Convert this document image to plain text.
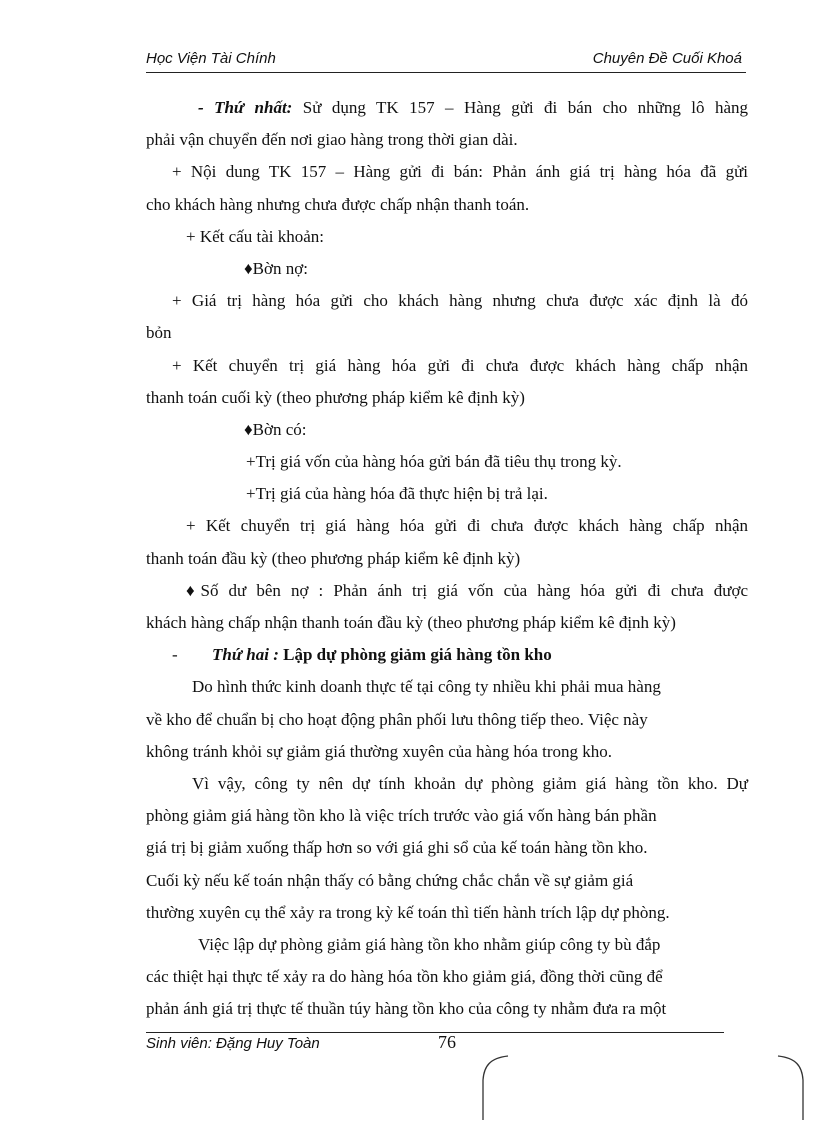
Học Viện Tài Chính	Chuyên Đề Cuối Khoá
- Thứ nhất: Sử dụng TK 157 – Hàng gửi đi bán cho những lô hàng
phải vận chuyển đến nơi giao hàng trong thời gian dài.
+ Nội dung TK 157 – Hàng gửi đi bán: Phản ánh giá trị hàng hóa đã gửi
cho khách hàng nhưng chưa được chấp nhận thanh toán.
+ Kết cấu tài khoản:
♦Bờn nợ:
+ Giá trị hàng hóa gửi cho khách hàng nhưng chưa được xác định là đó
bỏn
+ Kết chuyển trị giá hàng hóa gửi đi chưa được khách hàng chấp nhận
thanh toán cuối kỳ (theo phương pháp kiểm kê định kỳ)
♦Bờn có:
+Trị giá vốn của hàng hóa gửi bán đã tiêu thụ trong kỳ.
+Trị giá của hàng hóa đã thực hiện bị trả lại.
+ Kết chuyển trị giá hàng hóa gửi đi chưa được khách hàng chấp nhận
thanh toán đầu kỳ (theo phương pháp kiểm kê định kỳ)
♦Số dư bên nợ : Phản ánh trị giá vốn của hàng hóa gửi đi chưa được
khách hàng chấp nhận thanh toán đầu kỳ (theo phương pháp kiểm kê định kỳ)
- Thứ hai : Lập dự phòng giảm giá hàng tồn kho
Do hình thức kinh doanh thực tế tại công ty nhiều khi phải mua hàng
về kho để chuẩn bị cho hoạt động phân phối lưu thông tiếp theo. Việc này
không tránh khỏi sự giảm giá thường xuyên của hàng hóa trong kho.
Vì vậy, công ty nên dự tính khoản dự phòng giảm giá hàng tồn kho. Dự
phòng giảm giá hàng tồn kho là việc trích trước vào giá vốn hàng bán phần
giá trị bị giảm xuống thấp hơn so với giá ghi sổ của kế toán hàng tồn kho.
Cuối kỳ nếu kế toán nhận thấy có bằng chứng chắc chắn về sự giảm giá
thường xuyên cụ thể xảy ra trong kỳ kế toán thì tiến hành trích lập dự phòng.
Việc lập dự phòng giảm giá hàng tồn kho nhằm giúp công ty bù đắp
các thiệt hại thực tế xảy ra do hàng hóa tồn kho giảm giá, đồng thời cũng để
phản ánh giá trị thực tế thuần túy hàng tồn kho của công ty nhằm đưa ra một
Sinh viên: Đặng Huy Toàn	76
